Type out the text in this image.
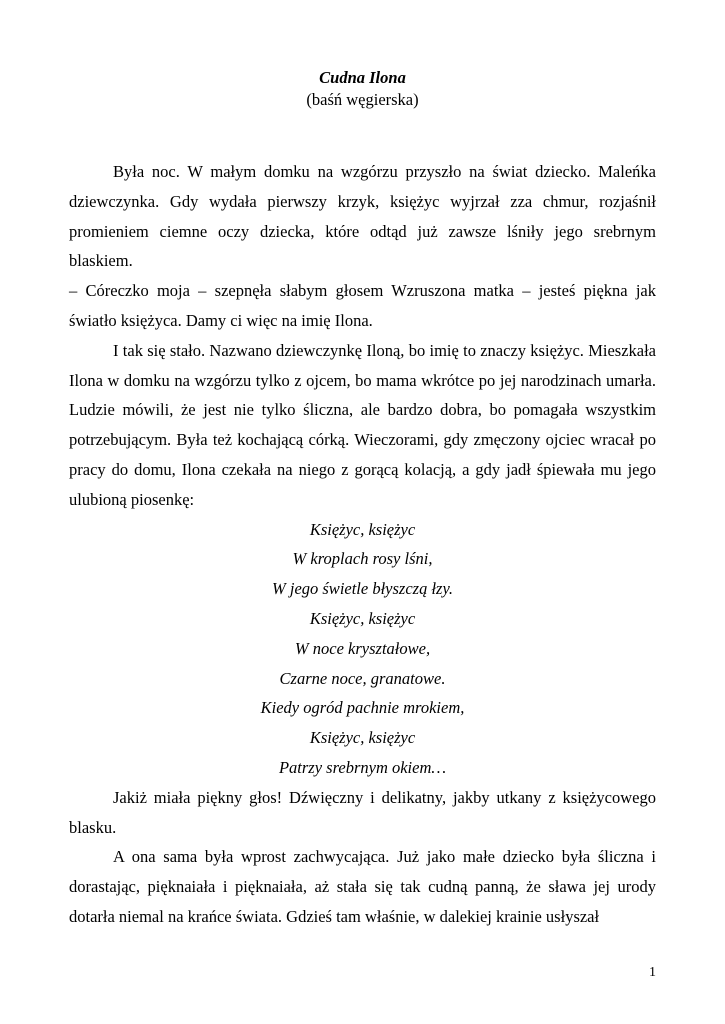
Cudna Ilona
(baśń węgierska)

Była noc. W małym domku na wzgórzu przyszło na świat dziecko. Maleńka dziewczynka. Gdy wydała pierwszy krzyk, księżyc wyjrzał zza chmur, rozjaśnił promieniem ciemne oczy dziecka, które odtąd już zawsze lśniły jego srebrnym blaskiem.

– Córeczko moja – szepnęła słabym głosem Wzruszona matka – jesteś piękna jak światło księżyca. Damy ci więc na imię Ilona.

I tak się stało. Nazwano dziewczynkę Iloną, bo imię to znaczy księżyc. Mieszkała Ilona w domku na wzgórzu tylko z ojcem, bo mama wkrótce po jej narodzinach umarła. Ludzie mówili, że jest nie tylko śliczna, ale bardzo dobra, bo pomagała wszystkim potrzebującym. Była też kochającą córką. Wieczorami, gdy zmęczony ojciec wracał po pracy do domu, Ilona czekała na niego z gorącą kolacją, a gdy jadł śpiewała mu jego ulubioną piosenkę:

Księżyc, księżyc
W kroplach rosy lśni,
W jego świetle błyszczą łzy.
Księżyc, księżyc
W noce kryształowe,
Czarne noce, granatowe.
Kiedy ogród pachnie mrokiem,
Księżyc, księżyc
Patrzy srebrnym okiem…

Jakiż miała piękny głos! Dźwięczny i delikatny, jakby utkany z księżycowego blasku.

A ona sama była wprost zachwycająca. Już jako małe dziecko była śliczna i dorastając, pięknaiała i pięknaiała, aż stała się tak cudną panną, że sława jej urody dotarła niemal na krańce świata. Gdzieś tam właśnie, w dalekiej krainie usłyszał

1
